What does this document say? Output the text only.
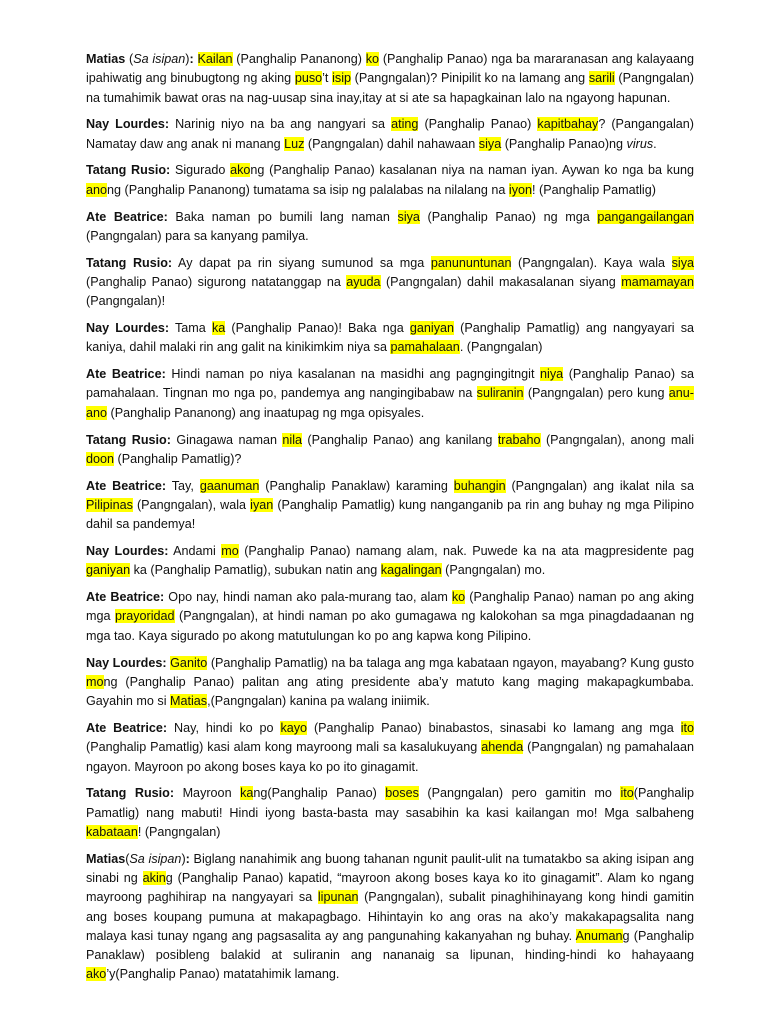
Matias (Sa isipan): Kailan (Panghalip Pananong) ko (Panghalip Panao) nga ba mararanasan ang kalayaang ipahiwatig ang binubugtong ng aking puso’t isip (Pangngalan)? Pinipilit ko na lamang ang sarili (Pangngalan) na tumahimik bawat oras na nag-uusap sina inay,itay at si ate sa hapagkainan lalo na ngayong hapunan.

Nay Lourdes: Narinig niyo na ba ang nangyari sa ating (Panghalip Panao) kapitbahay? (Pangangalan) Namatay daw ang anak ni manang Luz (Pangngalan) dahil nahawaan siya (Panghalip Panao)ng virus.

Tatang Rusio: Sigurado akong (Panghalip Panao) kasalanan niya na naman iyan. Aywan ko nga ba kung anong (Panghalip Pananong) tumatama sa isip ng palalabas na nilalang na iyon! (Panghalip Pamatlig)

Ate Beatrice: Baka naman po bumili lang naman siya (Panghalip Panao) ng mga pangangailangan (Pangngalan) para sa kanyang pamilya.

Tatang Rusio: Ay dapat pa rin siyang sumunod sa mga panununtunan (Pangngalan). Kaya wala siya (Panghalip Panao) sigurong natatanggap na ayuda (Pangngalan) dahil makasalanan siyang mamamayan (Pangngalan)!

Nay Lourdes: Tama ka (Panghalip Panao)! Baka nga ganiyan (Panghalip Pamatlig) ang nangyayari sa kaniya, dahil malaki rin ang galit na kinikimkim niya sa pamahalaan. (Pangngalan)

Ate Beatrice: Hindi naman po niya kasalanan na masidhi ang pagngingitngit niya (Panghalip Panao) sa pamahalaan. Tingnan mo nga po, pandemya ang nangingibabaw na suliranin (Pangngalan) pero kung anu-ano (Panghalip Pananong) ang inaatupag ng mga opisyales.

Tatang Rusio: Ginagawa naman nila (Panghalip Panao) ang kanilang trabaho (Pangngalan), anong mali doon (Panghalip Pamatlig)?

Ate Beatrice: Tay, gaanuman (Panghalip Panaklaw) karaming buhangin (Pangngalan) ang ikalat nila sa Pilipinas (Pangngalan), wala iyan (Panghalip Pamatlig) kung nanganganib pa rin ang buhay ng mga Pilipino dahil sa pandemya!

Nay Lourdes: Andami mo (Panghalip Panao) namang alam, nak. Puwede ka na ata magpresidente pag ganiyan ka (Panghalip Pamatlig), subukan natin ang kagalingan (Pangngalan) mo.

Ate Beatrice: Opo nay, hindi naman ako pala-murang tao, alam ko (Panghalip Panao) naman po ang aking mga prayoridad (Pangngalan), at hindi naman po ako gumagawa ng kalokohan sa mga pinagdadaanan ng mga tao. Kaya sigurado po akong matutulungan ko po ang kapwa kong Pilipino.

Nay Lourdes: Ganito (Panghalip Pamatlig) na ba talaga ang mga kabataan ngayon, mayabang? Kung gusto mong (Panghalip Panao) palitan ang ating presidente aba’y matuto kang maging makapagkumbaba. Gayahin mo si Matias,(Pangngalan) kanina pa walang iniimik.

Ate Beatrice: Nay, hindi ko po kayo (Panghalip Panao) binabastos, sinasabi ko lamang ang mga ito (Panghalip Pamatlig) kasi alam kong mayroong mali sa kasalukuyang ahenda (Pangngalan) ng pamahalaan ngayon. Mayroon po akong boses kaya ko po ito ginagamit.

Tatang Rusio: Mayroon kang(Panghalip Panao) boses (Pangngalan) pero gamitin mo ito(Panghalip Pamatlig) nang mabuti! Hindi iyong basta-basta may sasabihin ka kasi kailangan mo! Mga salbaheng kabataan! (Pangngalan)

Matias(Sa isipan): Biglang nanahimik ang buong tahanan ngunit paulit-ulit na tumatakbo sa aking isipan ang sinabi ng aking (Panghalip Panao) kapatid, “mayroon akong boses kaya ko ito ginagamit”. Alam ko ngang mayroong paghihirap na nangyayari sa lipunan (Pangngalan), subalit pinaghihinayang kong hindi gamitin ang boses koupang pumuna at makapagbago. Hihintayin ko ang oras na ako’y makakapagsalita nang malaya kasi tunay ngang ang pagsasalita ay ang pangunahing kakanyahan ng buhay. Anumang (Panghalip Panaklaw) posibleng balakid at suliranin ang nananaig sa lipunan, hinding-hindi ko hahayaang ako’y(Panghalip Panao) matatahimik lamang.
